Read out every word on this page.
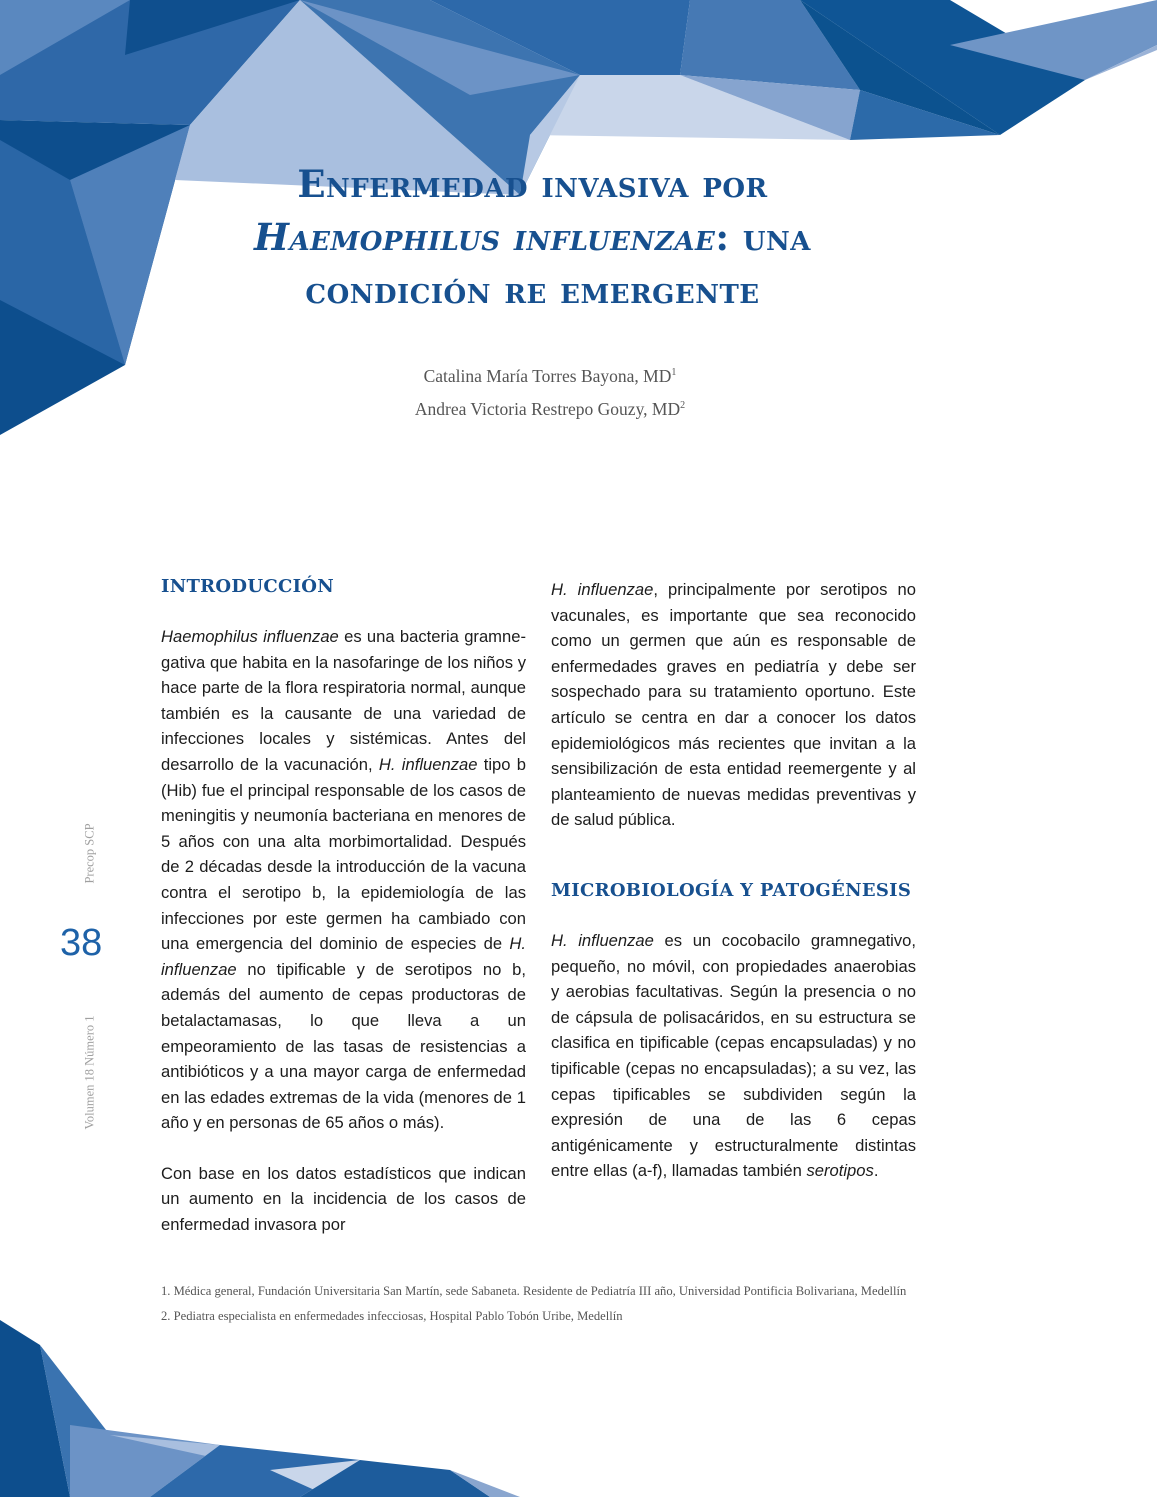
Enfermedad invasiva por
Haemophilus influenzae: una
condición re emergente

Catalina María Torres Bayona, $MD^1$

Andrea Victoria Restrepo Gouzy, $MD^2$

Precop SCP

38

Volumen 18 Número 1

INTRODUCCIÓN

Haemophilus influenzae es una bacteria gramnegativa que habita en la nasofaringe de los niños y hace parte de la flora respiratoria normal, aunque también es la causante de una variedad de infecciones locales y sistémicas. Antes del desarrollo de la vacunación, H. influenzae tipo b (Hib) fue el principal responsable de los casos de meningitis y neumonía bacteriana en menores de 5 años con una alta morbimortalidad. Después de 2 décadas desde la introducción de la vacuna contra el serotipo b, la epidemiología de las infecciones por este germen ha cambiado con una emergencia del dominio de especies de H. influenzae no tipificable y de serotipos no b, además del aumento de cepas productoras de betalactamasas, lo que lleva a un empeoramiento de las tasas de resistencias a antibióticos y a una mayor carga de enfermedad en las edades extremas de la vida (menores de 1 año y en personas de 65 años o más).

Con base en los datos estadísticos que indican un aumento en la incidencia de los casos de enfermedad invasora por

H. influenzae, principalmente por serotipos no vacunales, es importante que sea reconocido como un germen que aún es responsable de enfermedades graves en pediatría y debe ser sospechado para su tratamiento oportuno. Este artículo se centra en dar a conocer los datos epidemiológicos más recientes que invitan a la sensibilización de esta entidad reemergente y al planteamiento de nuevas medidas preventivas y de salud pública.

MICROBIOLOGÍA Y PATOGÉNESIS

H. influenzae es un cocobacilo gramnegativo, pequeño, no móvil, con propiedades anaerobias y aerobias facultativas. Según la presencia o no de cápsula de polisacáridos, en su estructura se clasifica en tipificable (cepas encapsuladas) y no tipificable (cepas no encapsuladas); a su vez, las cepas tipificables se subdividen según la expresión de una de las 6 cepas antigénicamente y estructuralmente distintas entre ellas (a-f), llamadas también serotipos.

1. Médica general, Fundación Universitaria San Martín, sede Sabaneta. Residente de Pediatría III año, Universidad Pontificia Bolivariana, Medellín

2. Pediatra especialista en enfermedades infecciosas, Hospital Pablo Tobón Uribe, Medellín
